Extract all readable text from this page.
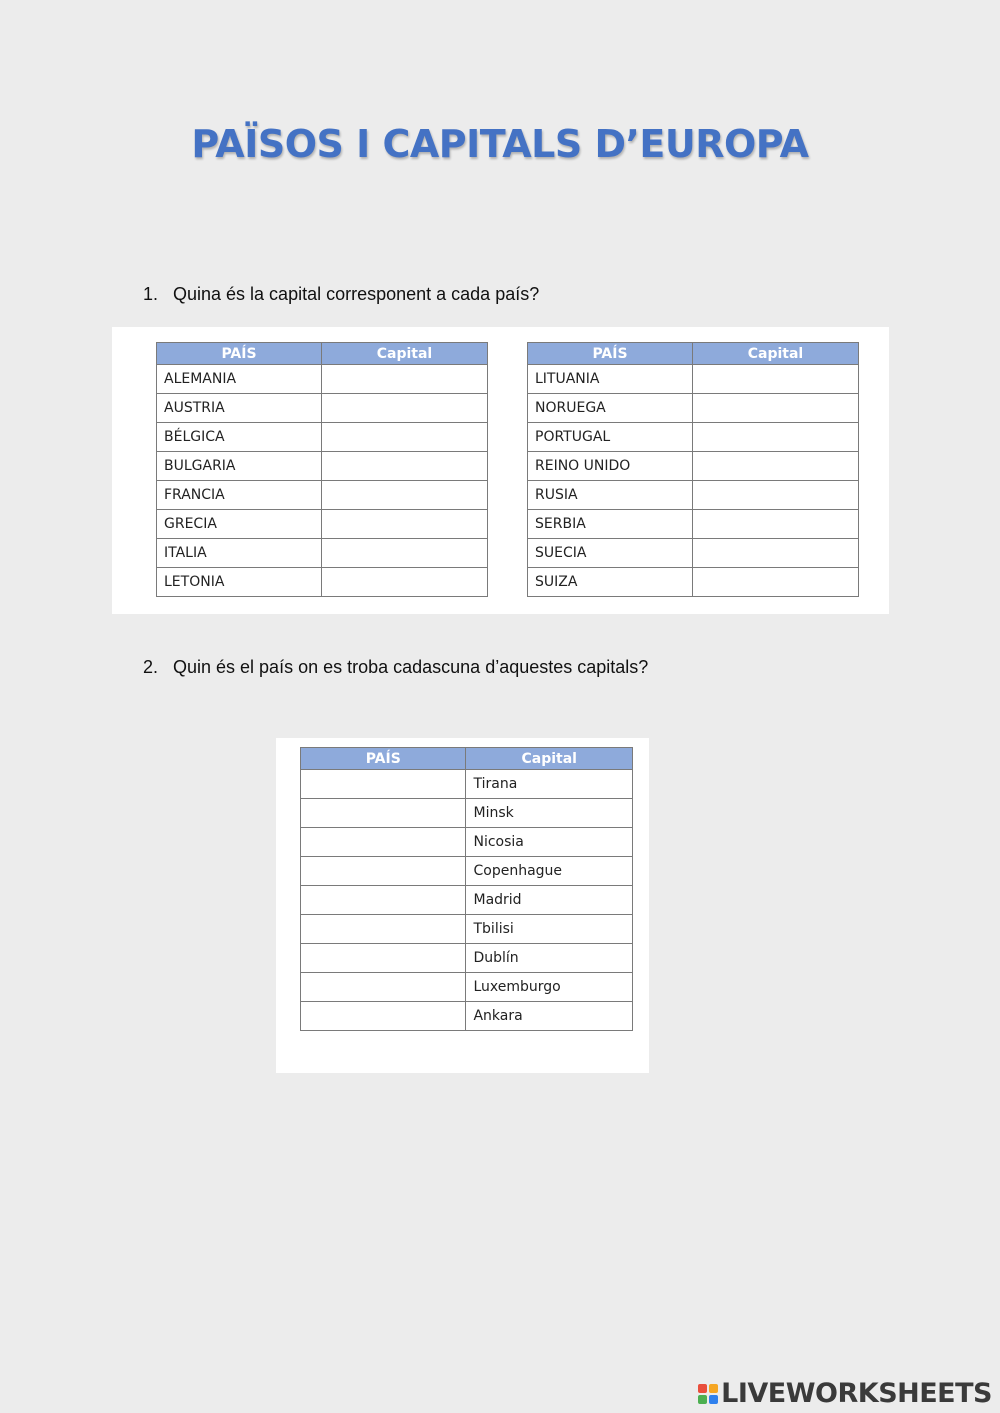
PAÏSOS I CAPITALS D’EUROPA
1. Quina és la capital corresponent a cada país?
PAÍS	Capital
ALEMANIA	
AUSTRIA	
BÉLGICA	
BULGARIA	
FRANCIA	
GRECIA	
ITALIA	
LETONIA	
PAÍS	Capital
LITUANIA	
NORUEGA	
PORTUGAL	
REINO UNIDO	
RUSIA	
SERBIA	
SUECIA	
SUIZA	
2. Quin és el país on es troba cadascuna d’aquestes capitals?
PAÍS	Capital
	Tirana
	Minsk
	Nicosia
	Copenhague
	Madrid
	Tbilisi
	Dublín
	Luxemburgo
	Ankara
LIVEWORKSHEETS
